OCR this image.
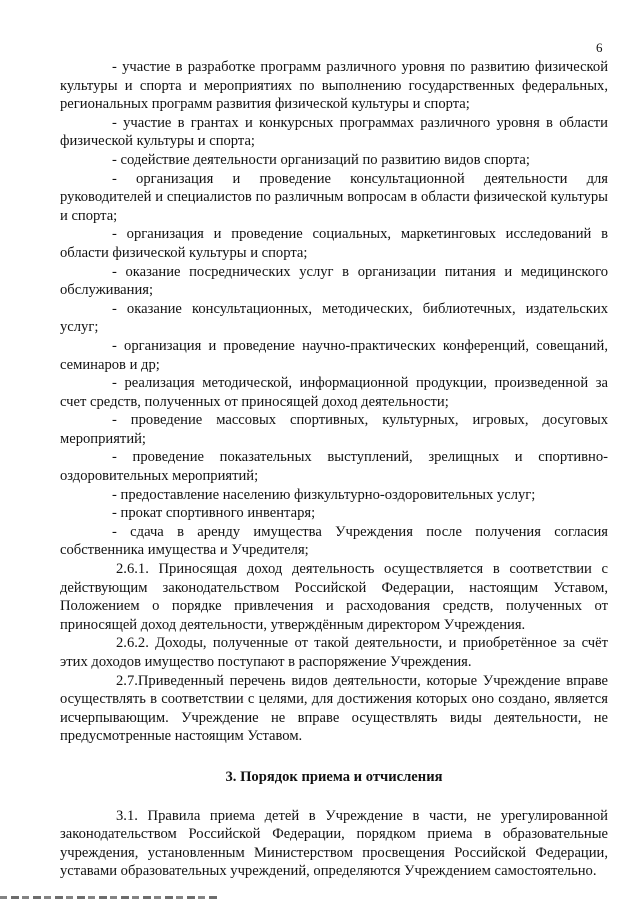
6

- участие в разработке программ различного уровня по развитию физической культуры и спорта и мероприятиях по выполнению государственных федеральных, региональных программ развития физической культуры и спорта;

- участие в грантах и конкурсных программах различного уровня в области физической культуры и спорта;

- содействие деятельности организаций по развитию видов спорта;

- организация и проведение консультационной деятельности для руководителей и специалистов по различным вопросам в области физической культуры и спорта;

- организация и проведение социальных, маркетинговых исследований в области физической культуры и спорта;

- оказание посреднических услуг в организации питания и медицинского обслуживания;

- оказание консультационных, методических, библиотечных, издательских услуг;

- организация и проведение научно-практических конференций, совещаний, семинаров и др;

- реализация методической, информационной продукции, произведенной за счет средств, полученных от приносящей доход деятельности;

- проведение массовых спортивных, культурных, игровых, досуговых мероприятий;

- проведение показательных выступлений, зрелищных и спортивно-оздоровительных мероприятий;

- предоставление населению физкультурно-оздоровительных услуг;

- прокат спортивного инвентаря;

- сдача в аренду имущества Учреждения после получения согласия собственника имущества и Учредителя;

2.6.1. Приносящая доход деятельность осуществляется в соответствии с действующим законодательством Российской Федерации, настоящим Уставом, Положением о порядке привлечения и расходования средств, полученных от приносящей доход деятельности, утверждённым директором Учреждения.

2.6.2. Доходы, полученные от такой деятельности, и приобретённое за счёт этих доходов имущество поступают в распоряжение Учреждения.

2.7.Приведенный перечень видов деятельности, которые Учреждение вправе осуществлять в соответствии с целями, для достижения которых оно создано, является исчерпывающим. Учреждение не вправе осуществлять виды деятельности, не предусмотренные настоящим Уставом.

3. Порядок приема и отчисления

3.1. Правила приема детей в Учреждение в части, не урегулированной законодательством Российской Федерации, порядком приема в образовательные учреждения, установленным Министерством просвещения Российской Федерации, уставами образовательных учреждений, определяются Учреждением самостоятельно.
